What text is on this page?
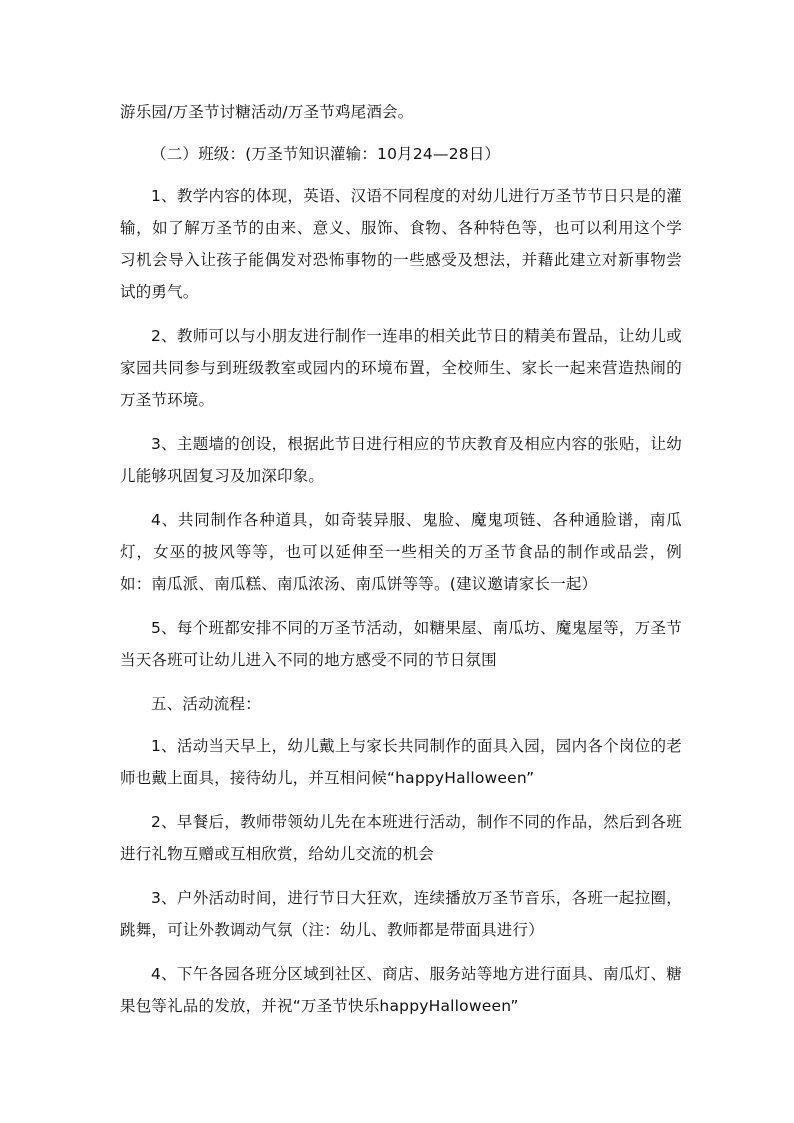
游乐园/万圣节讨糖活动/万圣节鸡尾酒会。

（二）班级：(万圣节知识灌输：10月24—28日）

1、教学内容的体现，英语、汉语不同程度的对幼儿进行万圣节节日只是的灌输，如了解万圣节的由来、意义、服饰、食物、各种特色等，也可以利用这个学习机会导入让孩子能偶发对恐怖事物的一些感受及想法，并藉此建立对新事物尝试的勇气。

2、教师可以与小朋友进行制作一连串的相关此节日的精美布置品，让幼儿或家园共同参与到班级教室或园内的环境布置，全校师生、家长一起来营造热闹的万圣节环境。

3、主题墙的创设，根据此节日进行相应的节庆教育及相应内容的张贴，让幼儿能够巩固复习及加深印象。

4、共同制作各种道具，如奇装异服、鬼脸、魔鬼项链、各种通脸谱，南瓜灯，女巫的披风等等，也可以延伸至一些相关的万圣节食品的制作或品尝，例如：南瓜派、南瓜糕、南瓜浓汤、南瓜饼等等。(建议邀请家长一起）

5、每个班都安排不同的万圣节活动，如糖果屋、南瓜坊、魔鬼屋等，万圣节当天各班可让幼儿进入不同的地方感受不同的节日氛围

五、活动流程：

1、活动当天早上，幼儿戴上与家长共同制作的面具入园，园内各个岗位的老师也戴上面具，接待幼儿，并互相问候“happyHalloween”

2、早餐后，教师带领幼儿先在本班进行活动，制作不同的作品，然后到各班进行礼物互赠或互相欣赏，给幼儿交流的机会

3、户外活动时间，进行节日大狂欢，连续播放万圣节音乐，各班一起拉圈，跳舞，可让外教调动气氛（注：幼儿、教师都是带面具进行）

4、下午各园各班分区域到社区、商店、服务站等地方进行面具、南瓜灯、糖果包等礼品的发放，并祝“万圣节快乐happyHalloween”
